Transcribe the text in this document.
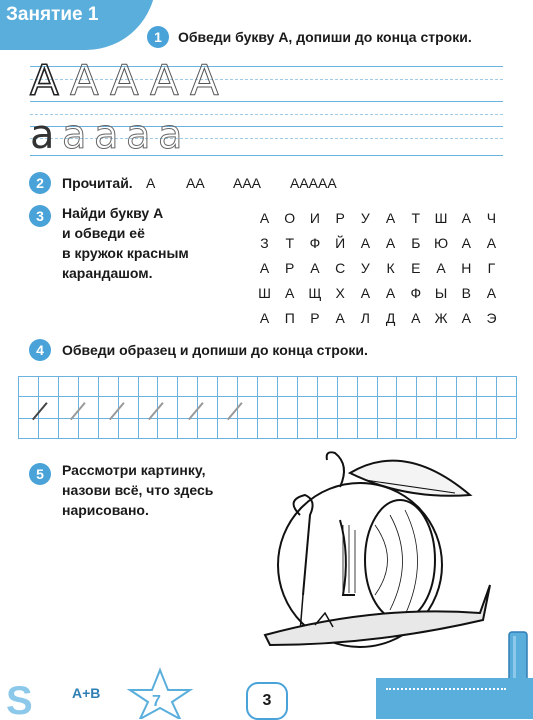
Занятие 1
1	Обведи букву А, допиши до конца строки.
А А А А А
а а а а а
2	Прочитай. А АА ААА ААААА
3	Найди букву А
и обведи её
в кружок красным
карандашом.
А	О	И	Р	У	А	Т	Ш	А	Ч
З	Т	Ф	Й	А	А	Б Ю А	А
А	Р	А	С	У	К	Е	А	Н	Г
Ш	А Щ Х	А	А	Ф Ы	В	А
А	П	Р	А	Л	Д	А	Ж	А	Э
4	Обведи образец и допиши до конца строки.
5	Рассмотри картинку,
назови всё, что здесь
нарисовано.
S	А+В	7	3
